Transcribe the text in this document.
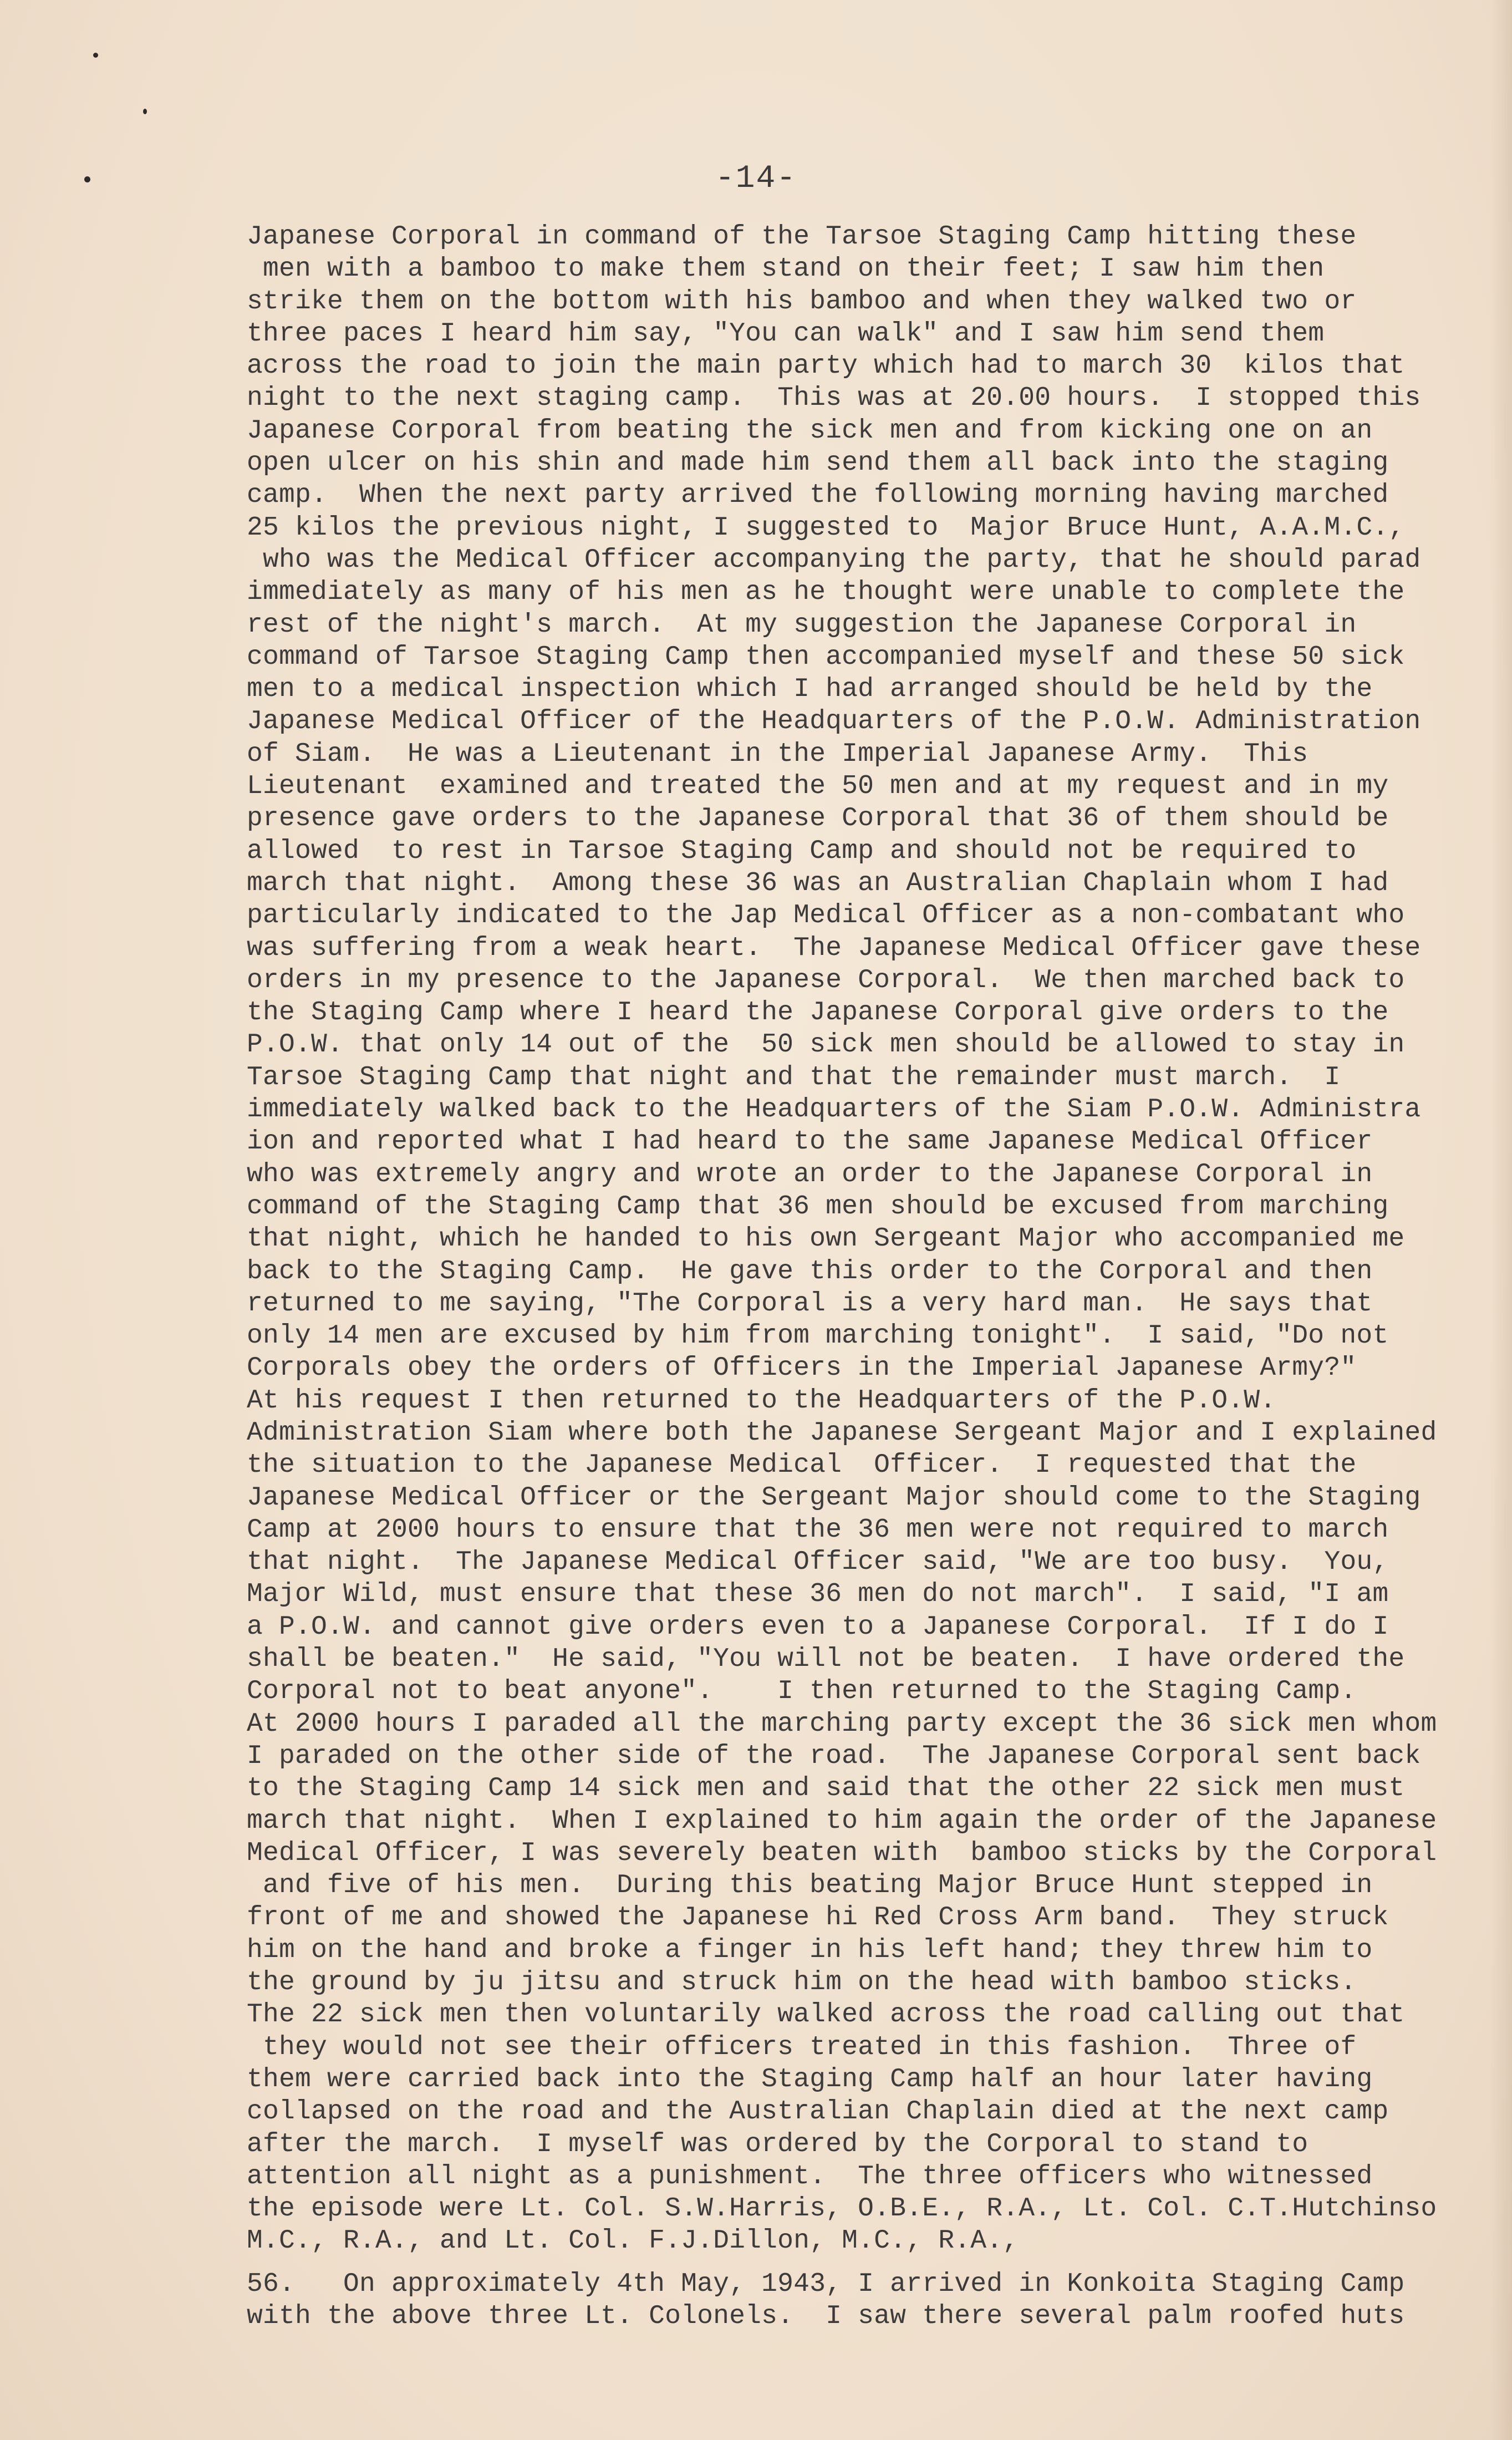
-14-
Japanese Corporal in command of the Tarsoe Staging Camp hitting these
men with a bamboo to make them stand on their feet; I saw him then
strike them on the bottom with his bamboo and when they walked two or
three paces I heard him say, "You can walk" and I saw him send them
across the road to join the main party which had to march 30  kilos that
night to the next staging camp.  This was at 20.00 hours.  I stopped this
Japanese Corporal from beating the sick men and from kicking one on an
open ulcer on his shin and made him send them all back into the staging
camp.  When the next party arrived the following morning having marched
25 kilos the previous night, I suggested to  Major Bruce Hunt, A.A.M.C.,
who was the Medical Officer accompanying the party, that he should parad
immediately as many of his men as he thought were unable to complete the
rest of the night's march.  At my suggestion the Japanese Corporal in
command of Tarsoe Staging Camp then accompanied myself and these 50 sick
men to a medical inspection which I had arranged should be held by the
Japanese Medical Officer of the Headquarters of the P.O.W. Administration
of Siam.  He was a Lieutenant in the Imperial Japanese Army.  This
Lieutenant  examined and treated the 50 men and at my request and in my
presence gave orders to the Japanese Corporal that 36 of them should be
allowed  to rest in Tarsoe Staging Camp and should not be required to
march that night.  Among these 36 was an Australian Chaplain whom I had
particularly indicated to the Jap Medical Officer as a non-combatant who
was suffering from a weak heart.  The Japanese Medical Officer gave these
orders in my presence to the Japanese Corporal.  We then marched back to
the Staging Camp where I heard the Japanese Corporal give orders to the
P.O.W. that only 14 out of the  50 sick men should be allowed to stay in
Tarsoe Staging Camp that night and that the remainder must march.  I
immediately walked back to the Headquarters of the Siam P.O.W. Administra
ion and reported what I had heard to the same Japanese Medical Officer
who was extremely angry and wrote an order to the Japanese Corporal in
command of the Staging Camp that 36 men should be excused from marching
that night, which he handed to his own Sergeant Major who accompanied me
back to the Staging Camp.  He gave this order to the Corporal and then
returned to me saying, "The Corporal is a very hard man.  He says that
only 14 men are excused by him from marching tonight".  I said, "Do not
Corporals obey the orders of Officers in the Imperial Japanese Army?"
At his request I then returned to the Headquarters of the P.O.W.
Administration Siam where both the Japanese Sergeant Major and I explained
the situation to the Japanese Medical  Officer.  I requested that the
Japanese Medical Officer or the Sergeant Major should come to the Staging
Camp at 2000 hours to ensure that the 36 men were not required to march
that night.  The Japanese Medical Officer said, "We are too busy.  You,
Major Wild, must ensure that these 36 men do not march".  I said, "I am
a P.O.W. and cannot give orders even to a Japanese Corporal.  If I do I
shall be beaten."  He said, "You will not be beaten.  I have ordered the
Corporal not to beat anyone".    I then returned to the Staging Camp.
At 2000 hours I paraded all the marching party except the 36 sick men whom
I paraded on the other side of the road.  The Japanese Corporal sent back
to the Staging Camp 14 sick men and said that the other 22 sick men must
march that night.  When I explained to him again the order of the Japanese
Medical Officer, I was severely beaten with  bamboo sticks by the Corporal
and five of his men.  During this beating Major Bruce Hunt stepped in
front of me and showed the Japanese hi Red Cross Arm band.  They struck
him on the hand and broke a finger in his left hand; they threw him to
the ground by ju jitsu and struck him on the head with bamboo sticks.
The 22 sick men then voluntarily walked across the road calling out that
they would not see their officers treated in this fashion.  Three of
them were carried back into the Staging Camp half an hour later having
collapsed on the road and the Australian Chaplain died at the next camp
after the march.  I myself was ordered by the Corporal to stand to
attention all night as a punishment.  The three officers who witnessed
the episode were Lt. Col. S.W.Harris, O.B.E., R.A., Lt. Col. C.T.Hutchinso
M.C., R.A., and Lt. Col. F.J.Dillon, M.C., R.A.,
56.   On approximately 4th May, 1943, I arrived in Konkoita Staging Camp
with the above three Lt. Colonels.  I saw there several palm roofed huts
